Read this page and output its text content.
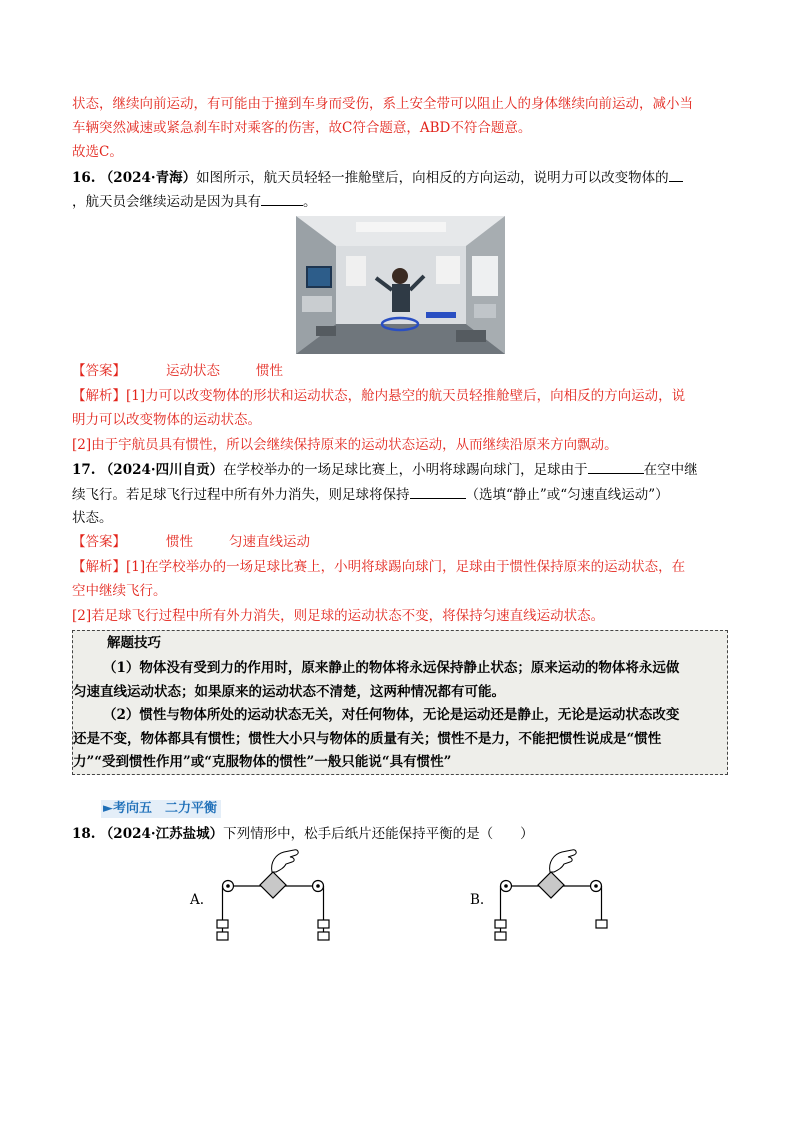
状态，继续向前运动，有可能由于撞到车身而受伤，系上安全带可以阻止人的身体继续向前运动，减小当
车辆突然减速或紧急刹车时对乘客的伤害，故C符合题意，ABD不符合题意。
故选C。
16. （2024·青海）如图所示，航天员轻轻一推舱壁后，向相反的方向运动，说明力可以改变物体的
，航天员会继续运动是因为具有	。
【答案】	运动状态	惯性
【解析】[1]力可以改变物体的形状和运动状态，舱内悬空的航天员轻推舱壁后，向相反的方向运动，说
明力可以改变物体的运动状态。
[2]由于宇航员具有惯性，所以会继续保持原来的运动状态运动，从而继续沿原来方向飘动。
17. （2024·四川自贡）在学校举办的一场足球比赛上，小明将球踢向球门，足球由于	在空中继
续飞行。若足球飞行过程中所有外力消失，则足球将保持	（选填“静止”或“匀速直线运动”）
状态。
【答案】	惯性	匀速直线运动
【解析】[1]在学校举办的一场足球比赛上，小明将球踢向球门，足球由于惯性保持原来的运动状态，在
空中继续飞行。
[2]若足球飞行过程中所有外力消失，则足球的运动状态不变，将保持匀速直线运动状态。
解题技巧
（1）物体没有受到力的作用时，原来静止的物体将永远保持静止状态；原来运动的物体将永远做
匀速直线运动状态；如果原来的运动状态不清楚，这两种情况都有可能。
（2）惯性与物体所处的运动状态无关，对任何物体，无论是运动还是静止，无论是运动状态改变
还是不变，物体都具有惯性；惯性大小只与物体的质量有关；惯性不是力，不能把惯性说成是“惯性
力”“受到惯性作用”或“克服物体的惯性”一般只能说“具有惯性”
►考向五　二力平衡
18. （2024·江苏盐城）下列情形中，松手后纸片还能保持平衡的是（　　）
A.	B.
